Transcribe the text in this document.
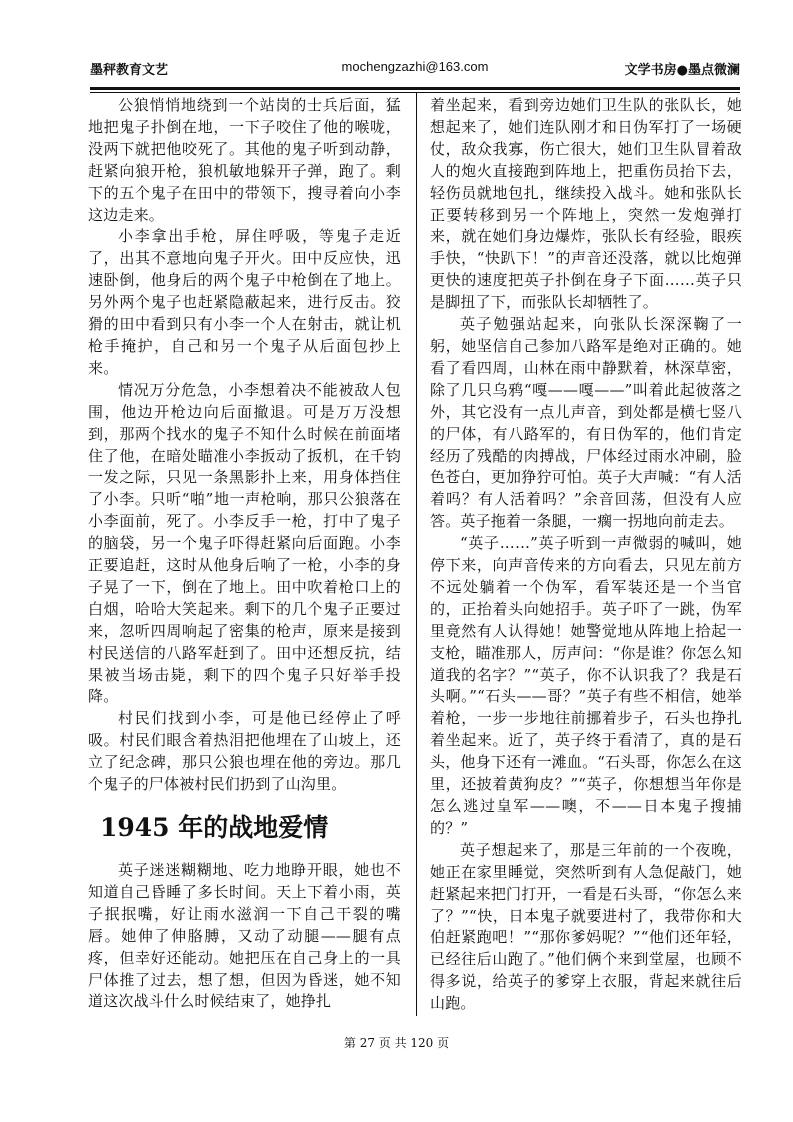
墨秤教育文艺	mochengzazhi@163.com	文学书房●墨点微澜

公狼悄悄地绕到一个站岗的士兵后面，猛地把鬼子扑倒在地，一下子咬住了他的喉咙，没两下就把他咬死了。其他的鬼子听到动静，赶紧向狼开枪，狼机敏地躲开子弹，跑了。剩下的五个鬼子在田中的带领下，搜寻着向小李这边走来。

小李拿出手枪，屏住呼吸，等鬼子走近了，出其不意地向鬼子开火。田中反应快，迅速卧倒，他身后的两个鬼子中枪倒在了地上。另外两个鬼子也赶紧隐蔽起来，进行反击。狡猾的田中看到只有小李一个人在射击，就让机枪手掩护，自己和另一个鬼子从后面包抄上来。

情况万分危急，小李想着决不能被敌人包围，他边开枪边向后面撤退。可是万万没想到，那两个找水的鬼子不知什么时候在前面堵住了他，在暗处瞄准小李扳动了扳机，在千钧一发之际，只见一条黑影扑上来，用身体挡住了小李。只听“啪”地一声枪响，那只公狼落在小李面前，死了。小李反手一枪，打中了鬼子的脑袋，另一个鬼子吓得赶紧向后面跑。小李正要追赶，这时从他身后响了一枪，小李的身子晃了一下，倒在了地上。田中吹着枪口上的白烟，哈哈大笑起来。剩下的几个鬼子正要过来，忽听四周响起了密集的枪声，原来是接到村民送信的八路军赶到了。田中还想反抗，结果被当场击毙，剩下的四个鬼子只好举手投降。

村民们找到小李，可是他已经停止了呼吸。村民们眼含着热泪把他埋在了山坡上，还立了纪念碑，那只公狼也埋在他的旁边。那几个鬼子的尸体被村民们扔到了山沟里。

1945 年的战地爱情

英子迷迷糊糊地、吃力地睁开眼，她也不知道自己昏睡了多长时间。天上下着小雨，英子抿抿嘴，好让雨水滋润一下自己干裂的嘴唇。她伸了伸胳膊，又动了动腿——腿有点疼，但幸好还能动。她把压在自己身上的一具尸体推了过去，想了想，但因为昏迷，她不知道这次战斗什么时候结束了，她挣扎

着坐起来，看到旁边她们卫生队的张队长，她想起来了，她们连队刚才和日伪军打了一场硬仗，敌众我寡，伤亡很大，她们卫生队冒着敌人的炮火直接跑到阵地上，把重伤员抬下去，轻伤员就地包扎，继续投入战斗。她和张队长正要转移到另一个阵地上，突然一发炮弹打来，就在她们身边爆炸，张队长有经验，眼疾手快，“快趴下！”的声音还没落，就以比炮弹更快的速度把英子扑倒在身子下面……英子只是脚扭了下，而张队长却牺牲了。

英子勉强站起来，向张队长深深鞠了一躬，她坚信自己参加八路军是绝对正确的。她看了看四周，山林在雨中静默着，林深草密，除了几只乌鸦“嘎——嘎——”叫着此起彼落之外，其它没有一点儿声音，到处都是横七竖八的尸体，有八路军的，有日伪军的，他们肯定经历了残酷的肉搏战，尸体经过雨水冲刷，脸色苍白，更加狰狞可怕。英子大声喊：“有人活着吗？有人活着吗？”余音回荡，但没有人应答。英子拖着一条腿，一瘸一拐地向前走去。

“英子……”英子听到一声微弱的喊叫，她停下来，向声音传来的方向看去，只见左前方不远处躺着一个伪军，看军装还是一个当官的，正抬着头向她招手。英子吓了一跳，伪军里竟然有人认得她！她警觉地从阵地上拾起一支枪，瞄准那人，厉声问：“你是谁？你怎么知道我的名字？”“英子，你不认识我了？我是石头啊。”“石头——哥？”英子有些不相信，她举着枪，一步一步地往前挪着步子，石头也挣扎着坐起来。近了，英子终于看清了，真的是石头，他身下还有一滩血。“石头哥，你怎么在这里，还披着黄狗皮？”“英子，你想想当年你是怎么逃过皇军——噢，不——日本鬼子搜捕的？”

英子想起来了，那是三年前的一个夜晚，她正在家里睡觉，突然听到有人急促敲门，她赶紧起来把门打开，一看是石头哥，“你怎么来了？”“快，日本鬼子就要进村了，我带你和大伯赶紧跑吧！”“那你爹妈呢？”“他们还年轻，已经往后山跑了。”他们俩个来到堂屋，也顾不得多说，给英子的爹穿上衣服，背起来就往后山跑。

第 27 页 共 120 页
